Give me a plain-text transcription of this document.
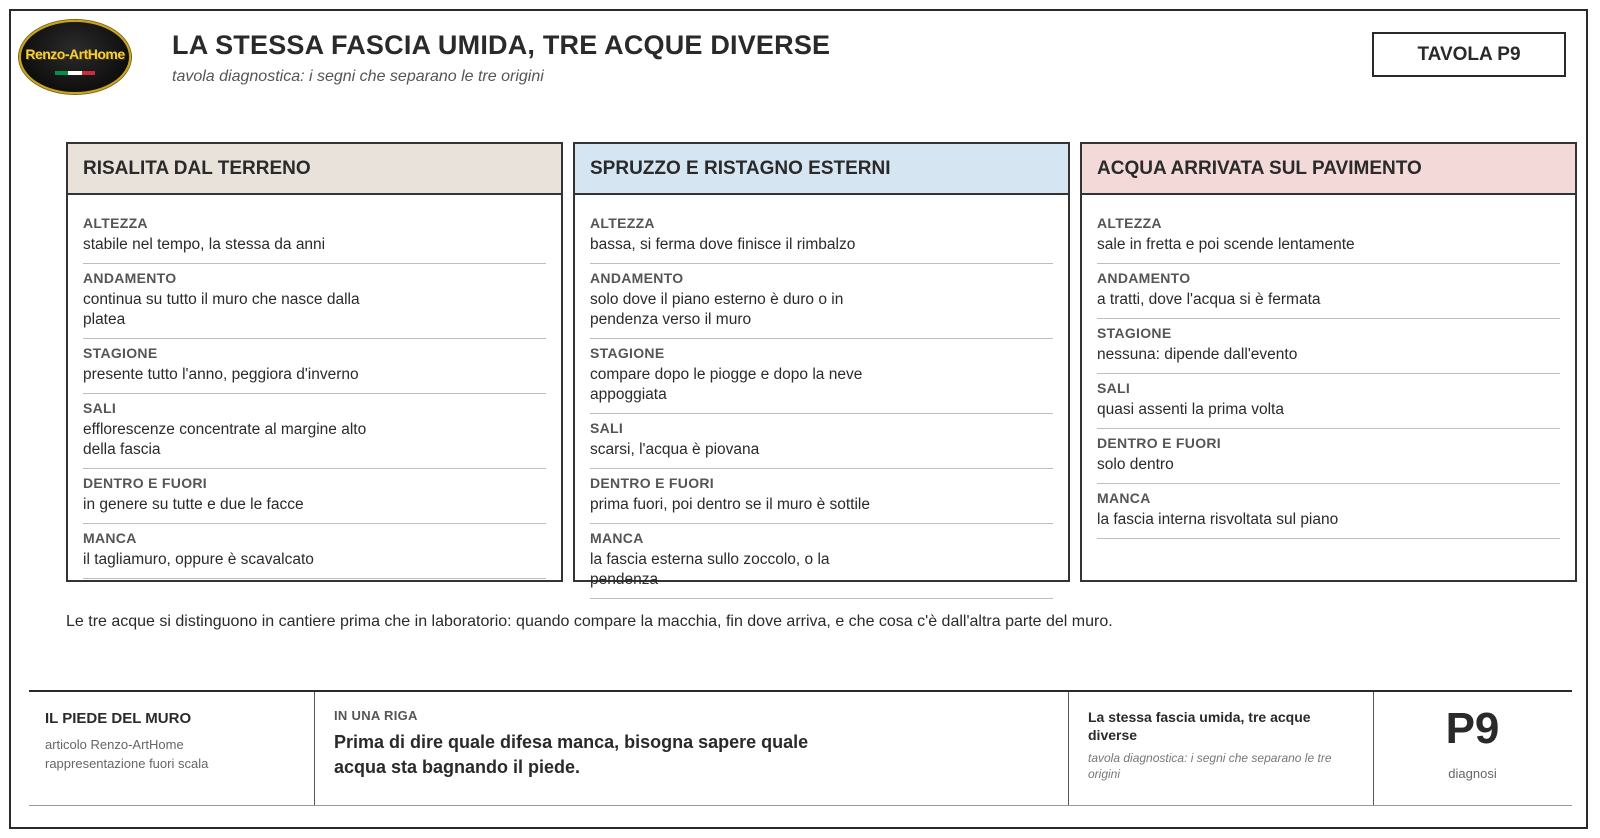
Renzo-ArtHome LA STESSA FASCIA UMIDA, TRE ACQUE DIVERSE
tavola diagnostica: i segni che separano le tre origini
TAVOLA P9
RISALITA DAL TERRENO
ALTEZZA
stabile nel tempo, la stessa da anni
ANDAMENTO
continua su tutto il muro che nasce dalla platea
STAGIONE
presente tutto l'anno, peggiora d'inverno
SALI
efflorescenze concentrate al margine alto della fascia
DENTRO E FUORI
in genere su tutte e due le facce
MANCA
il tagliamuro, oppure è scavalcato
SPRUZZO E RISTAGNO ESTERNI
ALTEZZA
bassa, si ferma dove finisce il rimbalzo
ANDAMENTO
solo dove il piano esterno è duro o in pendenza verso il muro
STAGIONE
compare dopo le piogge e dopo la neve appoggiata
SALI
scarsi, l'acqua è piovana
DENTRO E FUORI
prima fuori, poi dentro se il muro è sottile
MANCA
la fascia esterna sullo zoccolo, o la pendenza
ACQUA ARRIVATA SUL PAVIMENTO
ALTEZZA
sale in fretta e poi scende lentamente
ANDAMENTO
a tratti, dove l'acqua si è fermata
STAGIONE
nessuna: dipende dall'evento
SALI
quasi assenti la prima volta
DENTRO E FUORI
solo dentro
MANCA
la fascia interna risvoltata sul piano
Le tre acque si distinguono in cantiere prima che in laboratorio: quando compare la macchia, fin dove arriva, e che cosa c'è dall'altra parte del muro.
IL PIEDE DEL MURO
articolo Renzo-ArtHome
rappresentazione fuori scala
IN UNA RIGA
Prima di dire quale difesa manca, bisogna sapere quale acqua sta bagnando il piede.
La stessa fascia umida, tre acque diverse
tavola diagnostica: i segni che separano le tre origini
P9
diagnosi
